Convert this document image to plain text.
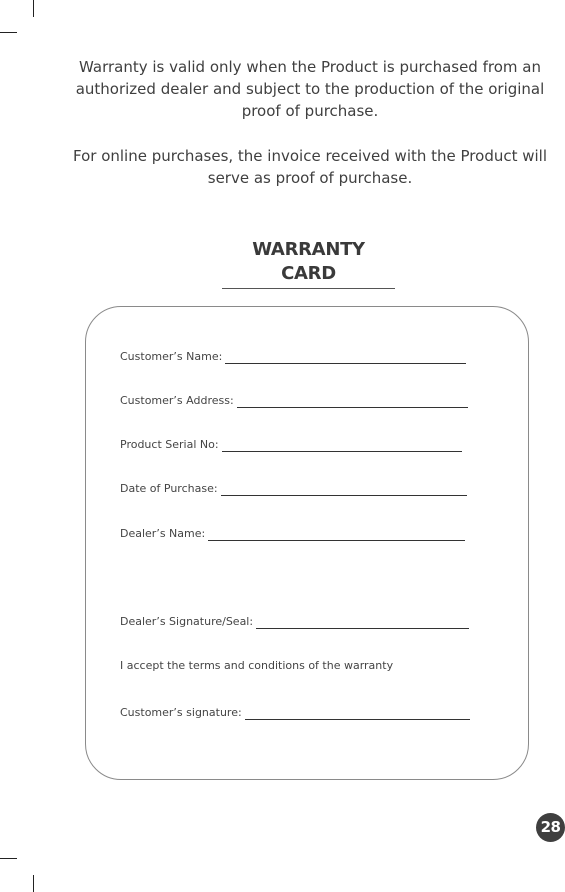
Warranty is valid only when the Product is purchased from an authorized dealer and subject to the production of the original proof of purchase.
For online purchases, the invoice received with the Product will serve as proof of purchase.
WARRANTY CARD
Customer’s Name:
Customer’s Address:
Product Serial No:
Date of Purchase:
Dealer’s Name:
Dealer’s Signature/Seal:
I accept the terms and conditions of the warranty
Customer’s signature:
28
